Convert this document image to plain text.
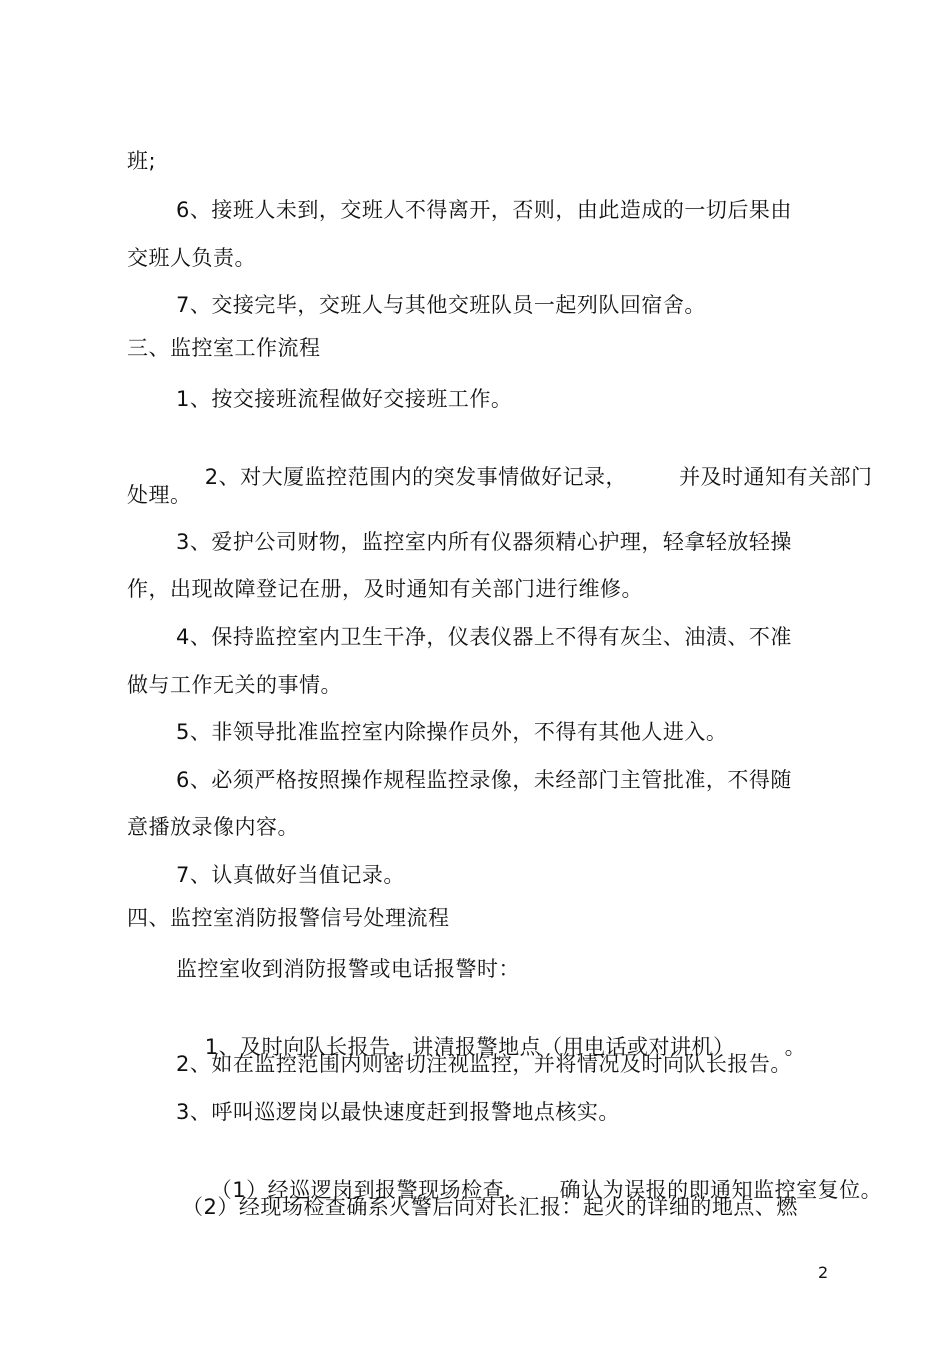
班;
6、接班人未到，交班人不得离开，否则，由此造成的一切后果由
交班人负责。
7、交接完毕，交班人与其他交班队员一起列队回宿舍。
三、监控室工作流程
1、按交接班流程做好交接班工作。

2、对大厦监控范围内的突发事情做好记录， 并及时通知有关部门

处理。
3、爱护公司财物，监控室内所有仪器须精心护理，轻拿轻放轻操
作，出现故障登记在册，及时通知有关部门进行维修。
4、保持监控室内卫生干净，仪表仪器上不得有灰尘、油渍、不准
做与工作无关的事情。
5、非领导批准监控室内除操作员外，不得有其他人进入。
6、必须严格按照操作规程监控录像，未经部门主管批准，不得随
意播放录像内容。
7、认真做好当值记录。
四、监控室消防报警信号处理流程
监控室收到消防报警或电话报警时：

1、及时向队长报告，讲清报警地点（用电话或对讲机） 。

2、如在监控范围内则密切注视监控，并将情况及时向队长报告。
3、呼叫巡逻岗以最快速度赶到报警地点核实。

（1）经巡逻岗到报警现场检查， 确认为误报的即通知监控室复位。

（2）经现场检查确系火警后向对长汇报：起火的详细的地点、燃
2
